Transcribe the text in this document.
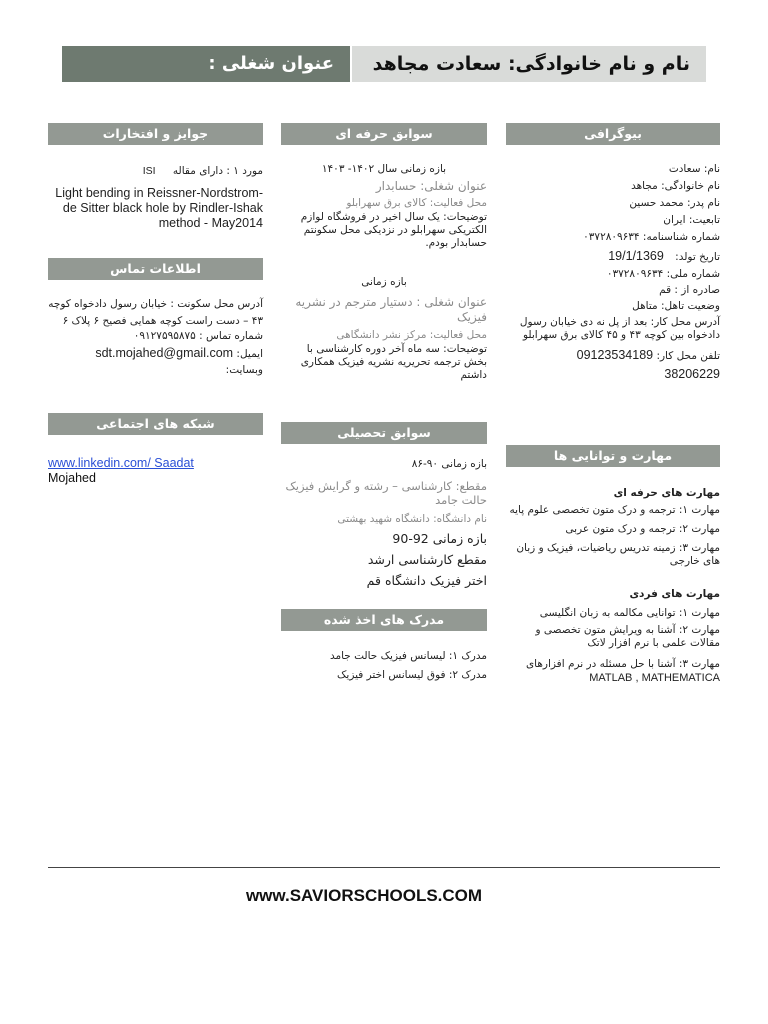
نام و نام خانوادگی: سعادت مجاهد
عنوان شغلی :
بیوگرافی

نام: سعادت

نام خانوادگی: مجاهد

نام پدر: محمد حسین

تابعیت: ایران

شماره شناسنامه: ۰۳۷۲۸۰۹۶۳۴

تاریخ تولد: 19/1/1369

شماره ملی: ۰۳۷۲۸۰۹۶۳۴

صادره از : قم

وضعیت تاهل: متاهل

آدرس محل کار: بعد از پل نه دی خیابان رسول دادخواه بین کوچه ۴۳ و ۴۵ کالای برق سهرابلو

تلفن محل کار: 09123534189

38206229

مهارت و توانایی ها

مهارت های حرفه ای

مهارت ۱: ترجمه و درک متون تخصصی علوم پایه

مهارت ۲: ترجمه و درک متون عربی

مهارت ۳: زمینه تدریس ریاضیات، فیزیک و زبان های خارجی

مهارت های فردی

مهارت ۱: توانایی مکالمه به زبان انگلیسی

مهارت ۲: آشنا به ویرایش متون تخصصی و مقالات علمی با نرم افزار لاتک

مهارت ۳: آشنا با حل مسئله در نرم افزارهای

MATLAB , MATHEMATICA

سوابق حرفه ای

بازه زمانی سال ۱۴۰۲- ۱۴۰۳

عنوان شغلی: حسابدار

محل فعالیت: کالای برق سهرابلو

توضیحات: یک سال اخیر در فروشگاه لوازم الکتریکی سهرابلو در نزدیکی محل سکونتم حسابدار بودم.

بازه زمانی

عنوان شغلی : دستیار مترجم در نشریه فیزیک

محل فعالیت: مرکز نشر دانشگاهی

توضیحات: سه ماه آخر دوره کارشناسی با بخش ترجمه تحریریه نشریه فیزیک همکاری داشتم

سوابق تحصیلی

بازه زمانی ۹۰-۸۶

مقطع: کارشناسی – رشته و گرایش فیزیک حالت جامد

نام دانشگاه: دانشگاه شهید بهشتی

بازه زمانی 92-90

مقطع کارشناسی ارشد

اختر فیزیک دانشگاه قم

مدرک های اخذ شده

مدرک ۱: لیسانس فیزیک حالت جامد

مدرک ۲: فوق لیسانس اختر فیزیک

جوایز و افتخارات

مورد ۱ : دارای مقاله ISI

Light bending in Reissner-Nordstrom- de Sitter black hole by Rindler-Ishak method - May2014

اطلاعات تماس

آدرس محل سکونت : خیابان رسول دادخواه کوچه ۴۳ – دست راست کوچه همایی فصیح ۶ پلاک ۶

شماره تماس : ۰۹۱۲۷۵۹۵۸۷۵

ایمیل: sdt.mojahed@gmail.com

وبسایت:

شبکه های اجتماعی
www.linkedin.com/ Saadat
Mojahed
www.SAVIORSCHOOLS.COM
